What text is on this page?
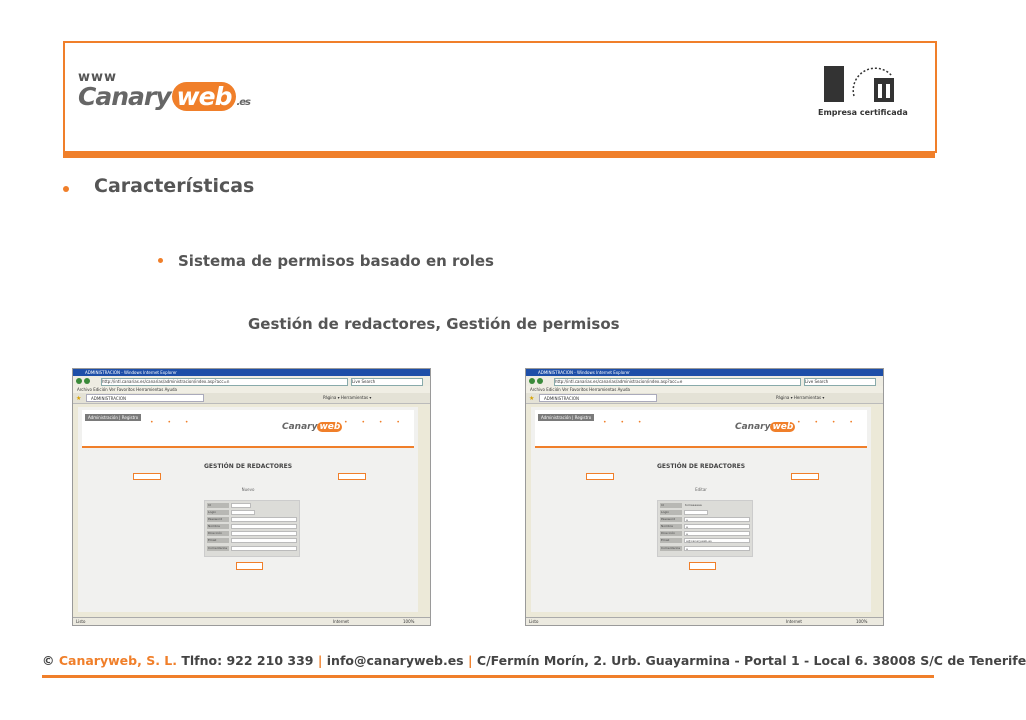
www
Canary web .es
Empresa certificada
Características
Sistema de permisos basado en roles
Gestión de redactores, Gestión de permisos
ADMINISTRACION - Windows Internet Explorer
http://intl.canarias.es/canarias/administracion/index.asp?acc=n	Live Search
Archivo Edición Ver Favoritos Herramientas Ayuda
★	ADMINISTRACION	Página ▾ Herramientas ▾
Administración | Registro
• • •	• • • •
Canary web
GESTIÓN DE REDACTORES
Nuevo
Id
Login
Password
Nombre
Dirección
Email
Comentarios
Listo	Internet	100%
ADMINISTRACION - Windows Internet Explorer
http://intl.canarias.es/canarias/administracion/index.asp?acc=e	Live Search
Archivo Edición Ver Favoritos Herramientas Ayuda
★	ADMINISTRACION	Página ▾ Herramientas ▾
Administración | Registro
• • •	• • • •
Canary web
GESTIÓN DE REDACTORES
Editar
Id	tomasaaaa
Login
Password	a
Nombre	a
Dirección	a
Email	a@canaryweb.es
Comentarios	a
Listo	Internet	100%
© Canaryweb, S. L. Tlfno: 922 210 339 | info@canaryweb.es | C/Fermín Morín, 2. Urb. Guayarmina - Portal 1 - Local 6. 38008 S/C de Tenerife
